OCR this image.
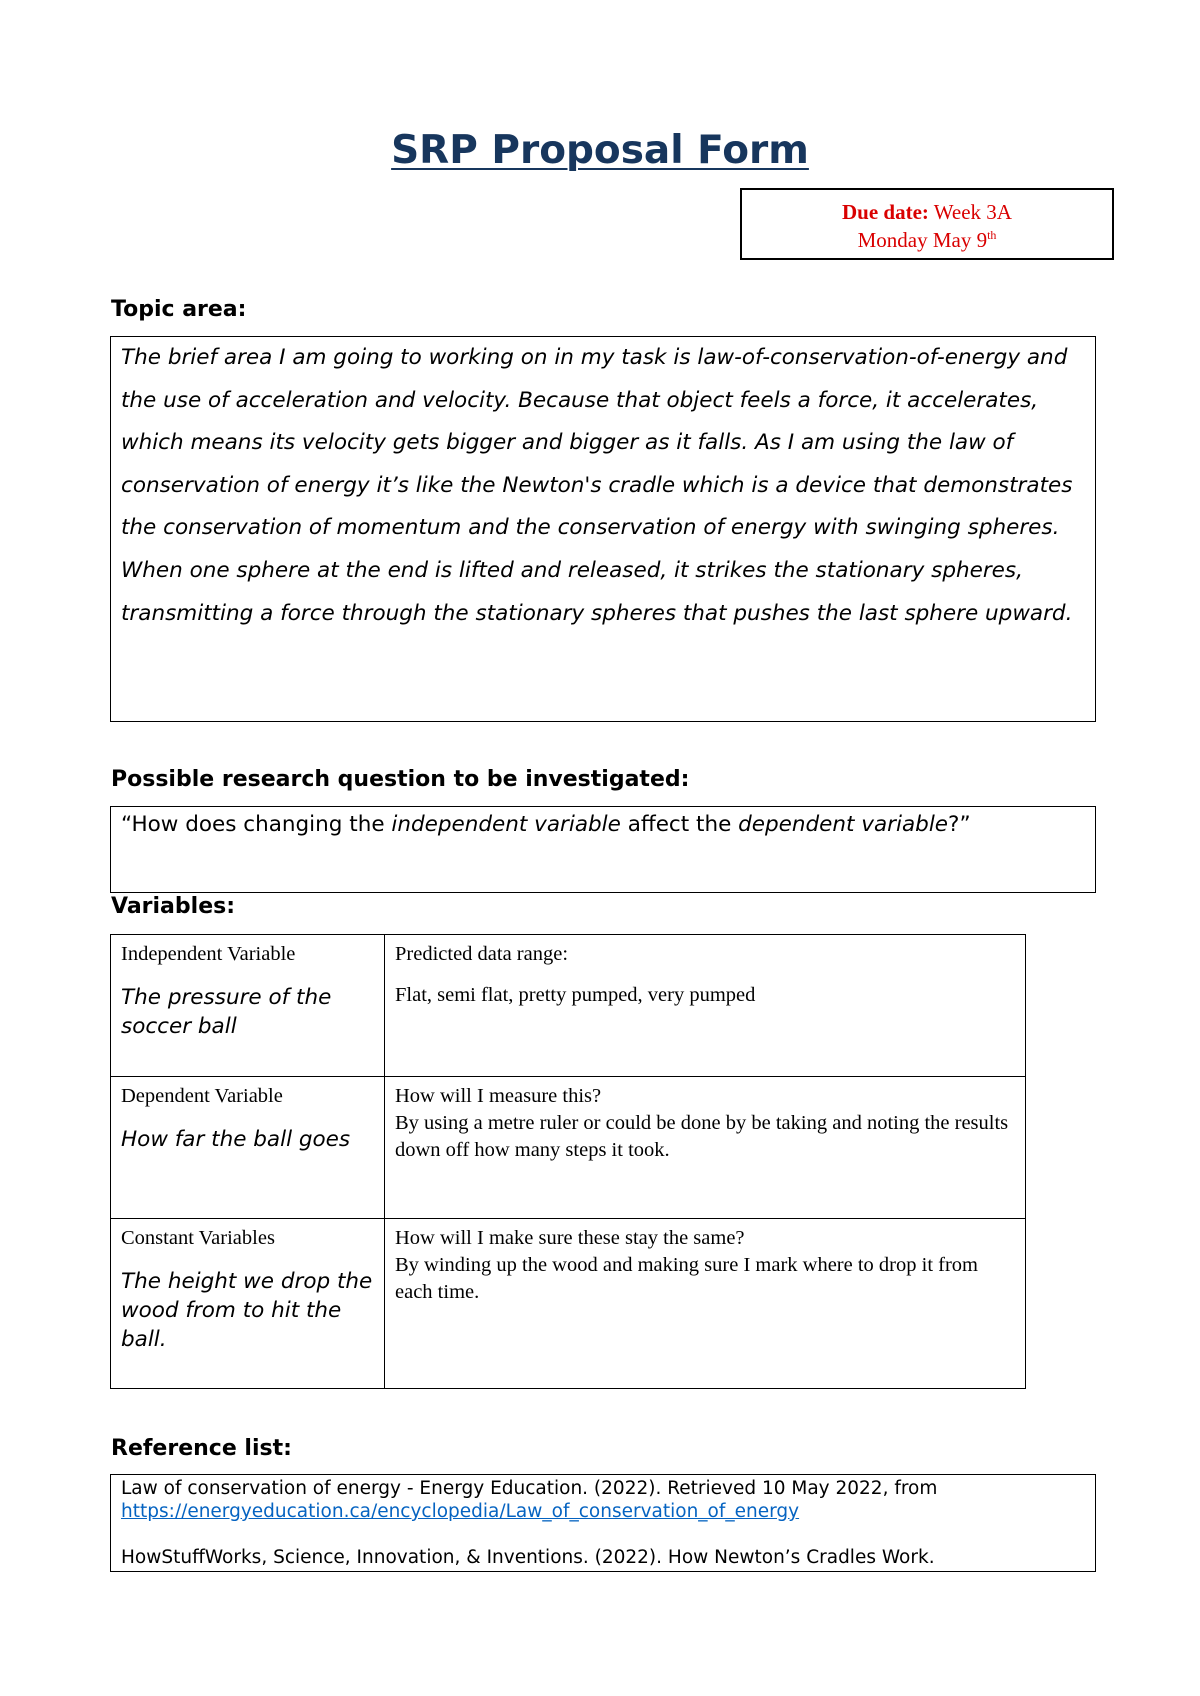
SRP Proposal Form
Due date: Week 3A
Monday May 9th
Topic area:
The brief area I am going to working on in my task is law-of-conservation-of-energy and the use of acceleration and velocity. Because that object feels a force, it accelerates, which means its velocity gets bigger and bigger as it falls. As I am using the law of conservation of energy it’s like the Newton's cradle which is a device that demonstrates the conservation of momentum and the conservation of energy with swinging spheres. When one sphere at the end is lifted and released, it strikes the stationary spheres, transmitting a force through the stationary spheres that pushes the last sphere upward.
Possible research question to be investigated:
“How does changing the independent variable affect the dependent variable?”
Variables:
Independent Variable
The pressure of the soccer ball	Predicted data range:
Flat, semi flat, pretty pumped, very pumped

Dependent Variable
How far the ball goes	How will I measure this?
By using a metre ruler or could be done by be taking and noting the results down off how many steps it took.

Constant Variables
The height we drop the wood from to hit the ball.	How will I make sure these stay the same?
By winding up the wood and making sure I mark where to drop it from each time.
Reference list:
Law of conservation of energy - Energy Education. (2022). Retrieved 10 May 2022, from
https://energyeducation.ca/encyclopedia/Law_of_conservation_of_energy
HowStuffWorks, Science, Innovation, & Inventions. (2022). How Newton’s Cradles Work.
